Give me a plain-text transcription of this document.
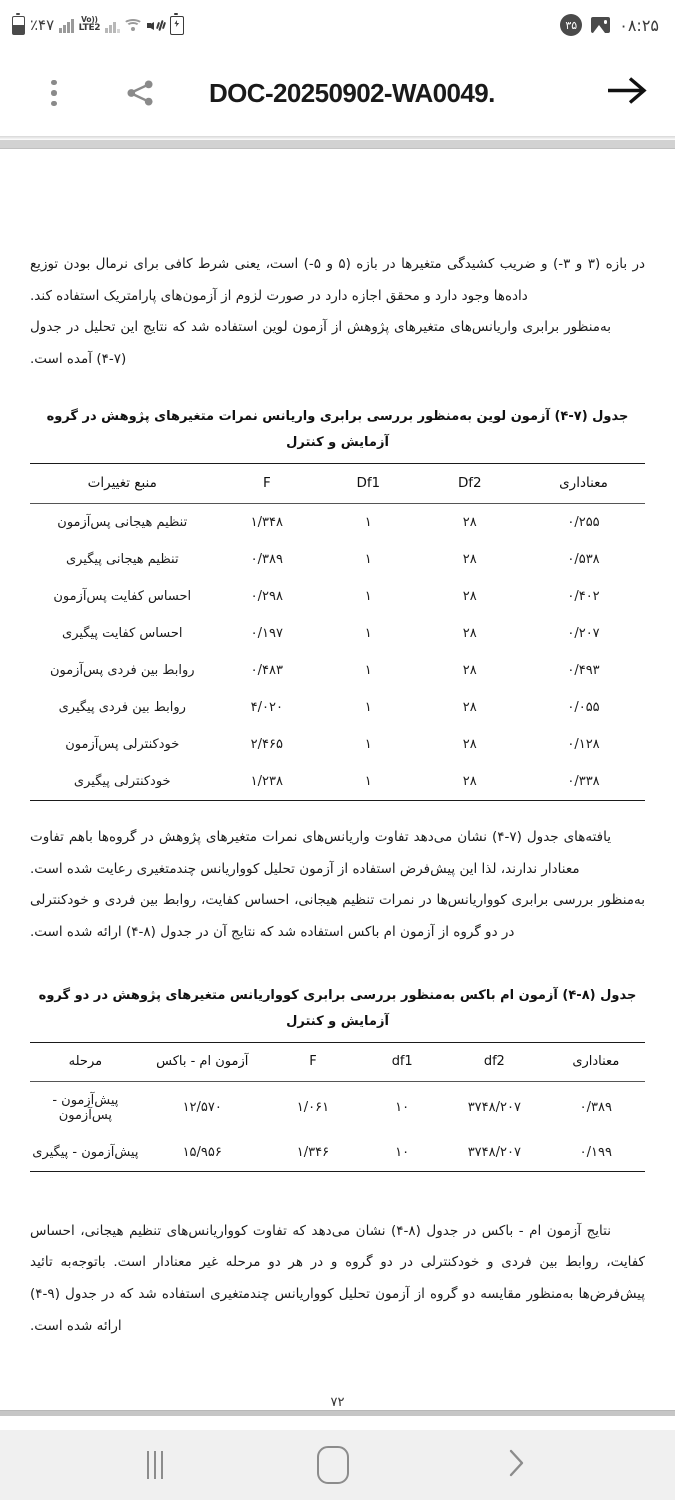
٪۴۷	Vo))
LTE2	۳۵	۰۸:۲۵
DOC-20250902-WA0049.

در بازه (۳ و ۳-) و ضریب کشیدگی متغیرها در بازه (۵ و ۵-) است، یعنی شرط کافی برای نرمال بودن توزیع داده‌ها وجود دارد و محقق اجازه دارد در صورت لزوم از آزمون‌های پارامتریک استفاده کند.

به‌منظور برابری واریانس‌های متغیرهای پژوهش از آزمون لوین استفاده شد که نتایج این تحلیل در جدول (۷-۴) آمده است.

جدول (۷-۴) آزمون لوین به‌منظور بررسی برابری واریانس نمرات متغیرهای پژوهش در گروه آزمایش و کنترل

معناداری	Df2	Df1	F	منبع تغییرات
۰/۲۵۵	۲۸	۱	۱/۳۴۸	تنظیم هیجانی پس‌آزمون
۰/۵۳۸	۲۸	۱	۰/۳۸۹	تنظیم هیجانی پیگیری
۰/۴۰۲	۲۸	۱	۰/۲۹۸	احساس کفایت پس‌آزمون
۰/۲۰۷	۲۸	۱	۰/۱۹۷	احساس کفایت پیگیری
۰/۴۹۳	۲۸	۱	۰/۴۸۳	روابط بین فردی پس‌آزمون
۰/۰۵۵	۲۸	۱	۴/۰۲۰	روابط بین فردی پیگیری
۰/۱۲۸	۲۸	۱	۲/۴۶۵	خودکنترلی پس‌آزمون
۰/۳۳۸	۲۸	۱	۱/۲۳۸	خودکنترلی پیگیری

یافته‌های جدول (۷-۴) نشان می‌دهد تفاوت واریانس‌های نمرات متغیرهای پژوهش در گروه‌ها باهم تفاوت معنادار ندارند، لذا این پیش‌فرض استفاده از آزمون تحلیل کوواریانس چندمتغیری رعایت شده است.

به‌منظور بررسی برابری کوواریانس‌ها در نمرات تنظیم هیجانی، احساس کفایت، روابط بین فردی و خودکنترلی در دو گروه از آزمون ام باکس استفاده شد که نتایج آن در جدول (۸-۴) ارائه شده است.

جدول (۸-۴) آزمون ام باکس به‌منظور بررسی برابری کوواریانس متغیرهای پژوهش در دو گروه آزمایش و کنترل

معناداری	df2	df1	F	آزمون ام - باکس	مرحله
۰/۳۸۹	۳۷۴۸/۲۰۷	۱۰	۱/۰۶۱	۱۲/۵۷۰	پیش‌آزمون - پس‌آزمون
۰/۱۹۹	۳۷۴۸/۲۰۷	۱۰	۱/۳۴۶	۱۵/۹۵۶	پیش‌آزمون - پیگیری

نتایج آزمون ام - باکس در جدول (۸-۴) نشان می‌دهد که تفاوت کوواریانس‌های تنظیم هیجانی، احساس کفایت، روابط بین فردی و خودکنترلی در دو گروه و در هر دو مرحله غیر معنادار است. باتوجه‌به تائید پیش‌فرض‌ها به‌منظور مقایسه دو گروه از آزمون تحلیل کوواریانس چندمتغیری استفاده شد که در جدول (۹-۴) ارائه شده است.

۷۲
